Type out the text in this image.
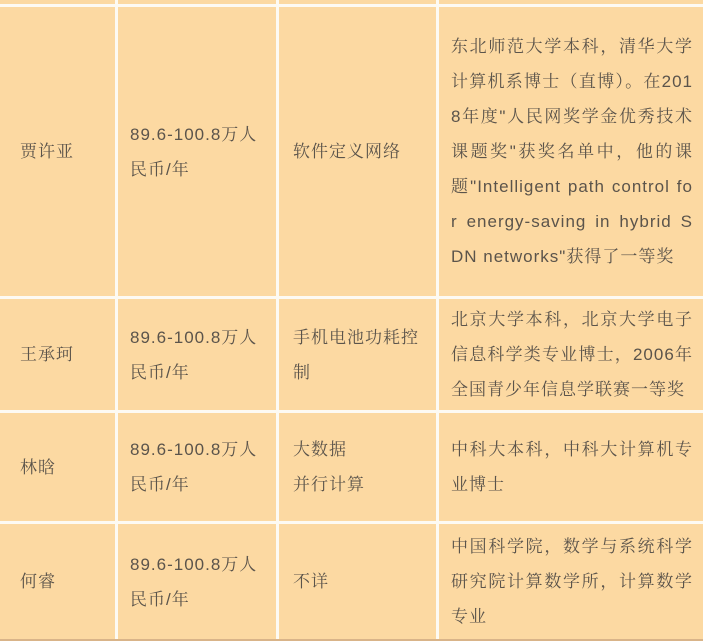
贾许亚
89.6-100.8万人民币/年
软件定义网络
东北师范大学本科，清华大学计算机系博士（直博）。在2018年度"人民网奖学金优秀技术课题奖"获奖名单中，他的课题"Intelligent path control for energy-saving in hybrid SDN networks"获得了一等奖
王承珂
89.6-100.8万人民币/年
手机电池功耗控制
北京大学本科，北京大学电子信息科学类专业博士，2006年全国青少年信息学联赛一等奖
林晗
89.6-100.8万人民币/年
大数据
并行计算
中科大本科，中科大计算机专业博士
何睿
89.6-100.8万人民币/年
不详
中国科学院，数学与系统科学研究院计算数学所，计算数学专业
